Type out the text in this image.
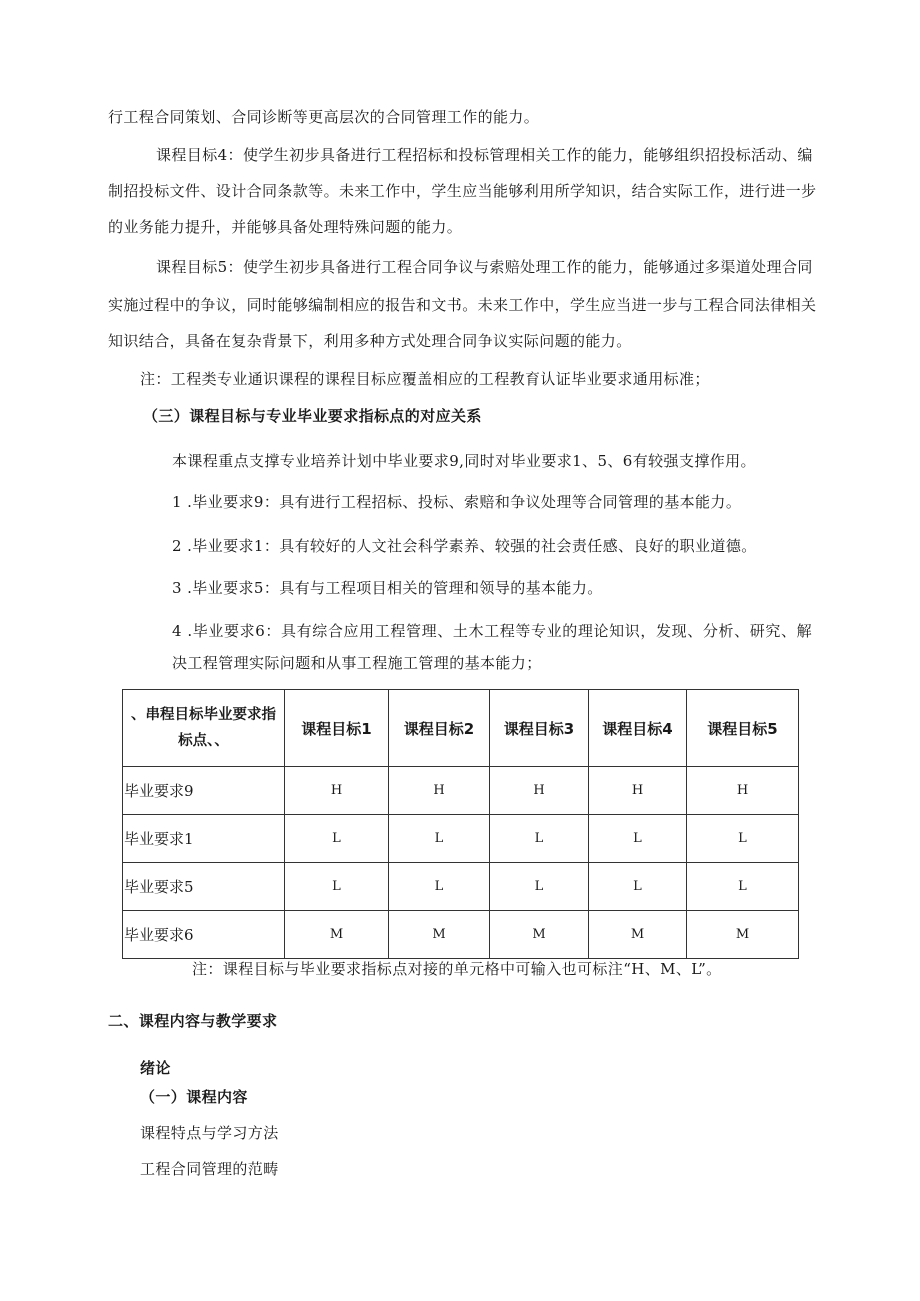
行工程合同策划、合同诊断等更高层次的合同管理工作的能力。
课程目标4：使学生初步具备进行工程招标和投标管理相关工作的能力，能够组织招投标活动、编
制招投标文件、设计合同条款等。未来工作中，学生应当能够利用所学知识，结合实际工作，进行进一步
的业务能力提升，并能够具备处理特殊问题的能力。
课程目标5：使学生初步具备进行工程合同争议与索赔处理工作的能力，能够通过多渠道处理合同
实施过程中的争议，同时能够编制相应的报告和文书。未来工作中，学生应当进一步与工程合同法律相关
知识结合，具备在复杂背景下，利用多种方式处理合同争议实际问题的能力。
注：工程类专业通识课程的课程目标应覆盖相应的工程教育认证毕业要求通用标准；
（三）课程目标与专业毕业要求指标点的对应关系
本课程重点支撑专业培养计划中毕业要求9,同时对毕业要求1、5、6有较强支撑作用。
1 .毕业要求9：具有进行工程招标、投标、索赔和争议处理等合同管理的基本能力。
2 .毕业要求1：具有较好的人文社会科学素养、较强的社会责任感、良好的职业道德。
3 .毕业要求5：具有与工程项目相关的管理和领导的基本能力。
4 .毕业要求6：具有综合应用工程管理、土木工程等专业的理论知识，发现、分析、研究、解
决工程管理实际问题和从事工程施工管理的基本能力；
、串程目标毕业要求指
标点、、	课程目标1	课程目标2	课程目标3	课程目标4	课程目标5
毕业要求9	H	H	H	H	H
毕业要求1	L	L	L	L	L
毕业要求5	L	L	L	L	L
毕业要求6	M	M	M	M	M
注：课程目标与毕业要求指标点对接的单元格中可输入也可标注“H、M、L”。
二、课程内容与教学要求
绪论
（一）课程内容
课程特点与学习方法
工程合同管理的范畴
